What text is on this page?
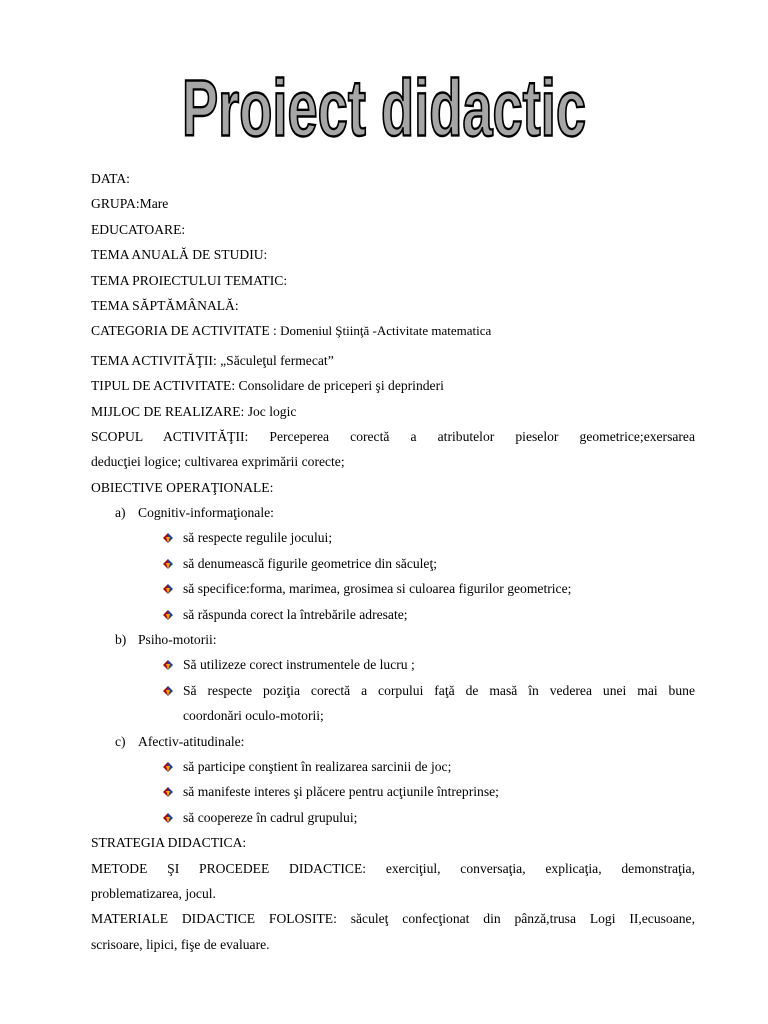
Proiect didactic
DATA:
GRUPA:Mare
EDUCATOARE:
TEMA ANUALĂ DE STUDIU:
TEMA PROIECTULUI TEMATIC:
TEMA SĂPTĂMÂNALĂ:
CATEGORIA DE ACTIVITATE : Domeniul Ştiinţă -Activitate matematica
TEMA ACTIVITĂŢII: „Săculeţul fermecat”
TIPUL DE ACTIVITATE: Consolidare de priceperi şi deprinderi
MIJLOC DE REALIZARE: Joc logic
SCOPUL ACTIVITĂŢII: Perceperea corectă a atributelor pieselor geometrice;exersarea
deducţiei logice; cultivarea exprimării corecte;
OBIECTIVE OPERAŢIONALE:
a) Cognitiv-informaţionale:
să respecte regulile jocului;
să denumească figurile geometrice din săculeţ;
să specifice:forma, marimea, grosimea si culoarea figurilor geometrice;
să răspunda corect la întrebările adresate;
b) Psiho-motorii:
Să utilizeze corect instrumentele de lucru ;
Să respecte poziţia corectă a corpului faţă de masă în vederea unei mai bune
coordonări oculo-motorii;
c) Afectiv-atitudinale:
să participe conştient în realizarea sarcinii de joc;
să manifeste interes şi plăcere pentru acţiunile întreprinse;
să coopereze în cadrul grupului;
STRATEGIA DIDACTICA:
METODE ŞI PROCEDEE DIDACTICE: exerciţiul, conversaţia, explicaţia, demonstraţia,
problematizarea, jocul.
MATERIALE DIDACTICE FOLOSITE: săculeţ confecţionat din pânză,trusa Logi II,ecusoane,
scrisoare, lipici, fişe de evaluare.
